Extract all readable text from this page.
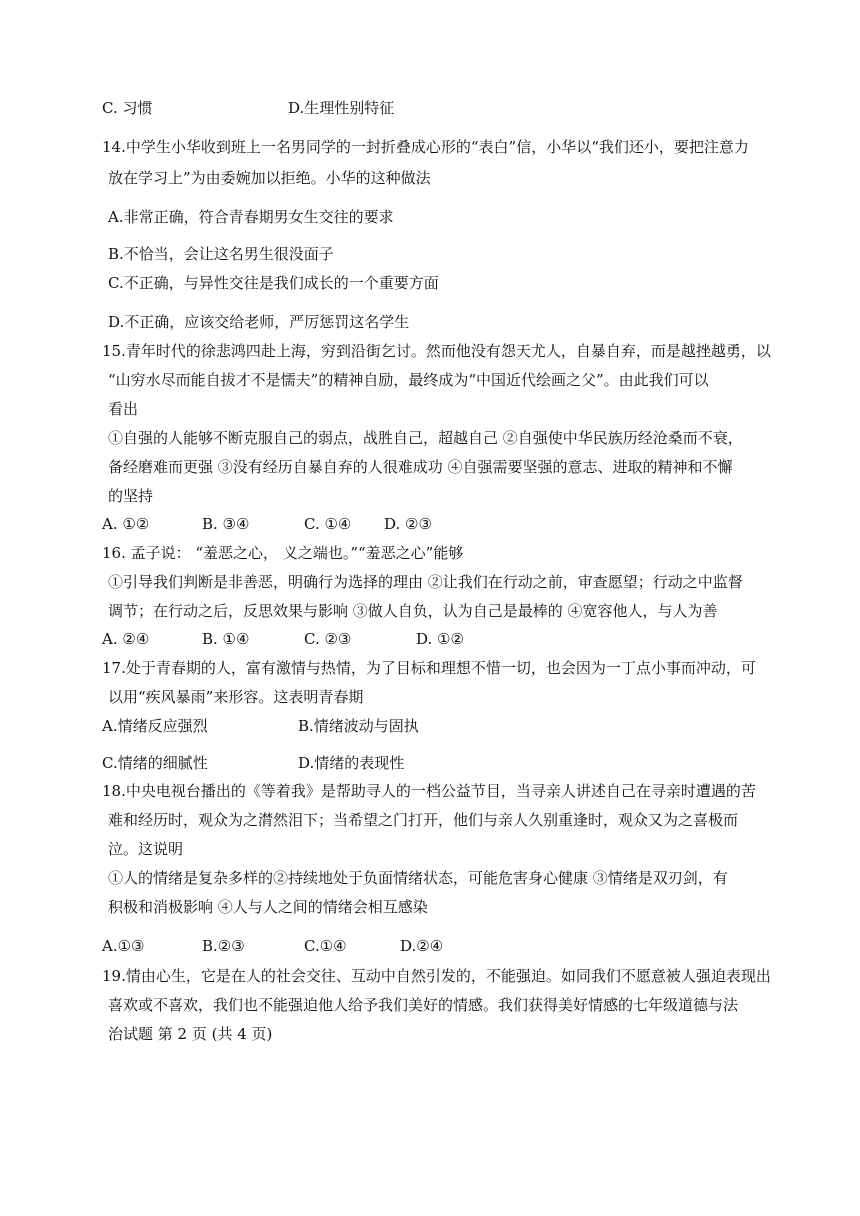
C. 习惯	D.生理性别特征
14.中学生小华收到班上一名男同学的一封折叠成心形的“表白”信，小华以“我们还小，要把注意力
放在学习上”为由委婉加以拒绝。小华的这种做法
A.非常正确，符合青春期男女生交往的要求
B.不恰当，会让这名男生很没面子
C.不正确，与异性交往是我们成长的一个重要方面
D.不正确，应该交给老师，严厉惩罚这名学生
15.青年时代的徐悲鸿四赴上海，穷到沿街乞讨。然而他没有怨天尤人，自暴自弃，而是越挫越勇，以
“山穷水尽而能自拔才不是懦夫”的精神自励，最终成为“中国近代绘画之父”。由此我们可以
看出
①自强的人能够不断克服自己的弱点，战胜自己，超越自己 ②自强使中华民族历经沧桑而不衰，
备经磨难而更强 ③没有经历自暴自弃的人很难成功 ④自强需要坚强的意志、进取的精神和不懈
的坚持
A. ①②	B. ③④	C. ①④ D. ②③
16. 孟子说： “羞恶之心， 义之端也。”“羞恶之心”能够
①引导我们判断是非善恶，明确行为选择的理由 ②让我们在行动之前，审查愿望；行动之中监督
调节；在行动之后，反思效果与影响 ③做人自负，认为自己是最棒的 ④宽容他人，与人为善
A. ②④	B. ①④	C. ②③	D. ①②
17.处于青春期的人，富有激情与热情，为了目标和理想不惜一切，也会因为一丁点小事而冲动，可
以用“疾风暴雨”来形容。这表明青春期
A.情绪反应强烈	B.情绪波动与固执
C.情绪的细腻性	D.情绪的表现性
18.中央电视台播出的《等着我》是帮助寻人的一档公益节目，当寻亲人讲述自己在寻亲时遭遇的苦
难和经历时，观众为之潸然泪下；当希望之门打开，他们与亲人久别重逢时，观众又为之喜极而
泣。这说明
①人的情绪是复杂多样的②持续地处于负面情绪状态，可能危害身心健康 ③情绪是双刃剑，有
积极和消极影响 ④人与人之间的情绪会相互感染
A.①③	B.②③	C.①④	D.②④
19.情由心生，它是在人的社会交往、互动中自然引发的，不能强迫。如同我们不愿意被人强迫表现出
喜欢或不喜欢，我们也不能强迫他人给予我们美好的情感。我们获得美好情感的七年级道德与法
治试题 第 2 页 (共 4 页)
